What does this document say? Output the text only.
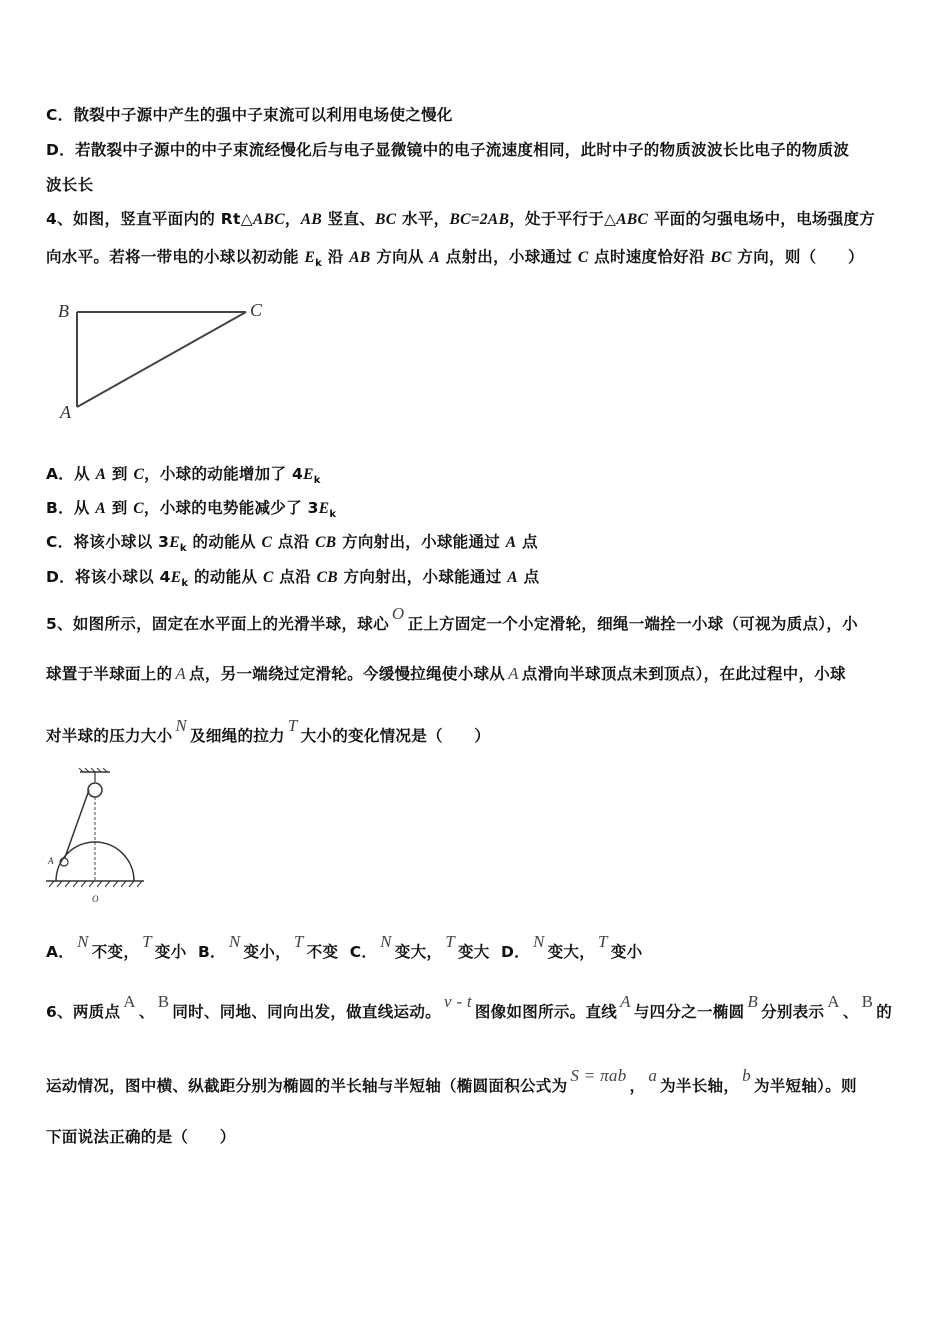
C．散裂中子源中产生的强中子束流可以利用电场使之慢化
D．若散裂中子源中的中子束流经慢化后与电子显微镜中的电子流速度相同，此时中子的物质波波长比电子的物质波
波长长
4、如图，竖直平面内的 Rt△ABC，AB 竖直、BC 水平，BC=2AB，处于平行于△ABC 平面的匀强电场中，电场强度方
向水平。若将一带电的小球以初动能 $E_k$ 沿 AB 方向从 A 点射出，小球通过 C 点时速度恰好沿 BC 方向，则（　　）
B	C
A
A．从 A 到 C，小球的动能增加了 $4E_k$
B．从 A 到 C，小球的电势能减少了 $3E_k$
C．将该小球以 $3E_k$ 的动能从 C 点沿 CB 方向射出，小球能通过 A 点
D．将该小球以 $4E_k$ 的动能从 C 点沿 CB 方向射出，小球能通过 A 点
5、如图所示，固定在水平面上的光滑半球，球心O正上方固定一个小定滑轮，细绳一端拴一小球（可视为质点），小
球置于半球面上的 A 点，另一端绕过定滑轮。今缓慢拉绳使小球从 A 点滑向半球顶点未到顶点），在此过程中，小球
对半球的压力大小N及细绳的拉力T大小的变化情况是（　　）
A
O
A．N不变，T变小 B．N变小，T不变 C．N变大，T变大 D．N变大，T变小
6、两质点A、B同时、同地、同向出发，做直线运动。v - t图像如图所示。直线A与四分之一椭圆B分别表示A、B的
运动情况，图中横、纵截距分别为椭圆的半长轴与半短轴（椭圆面积公式为S = πab，a为半长轴，b为半短轴）。则
下面说法正确的是（　　）
